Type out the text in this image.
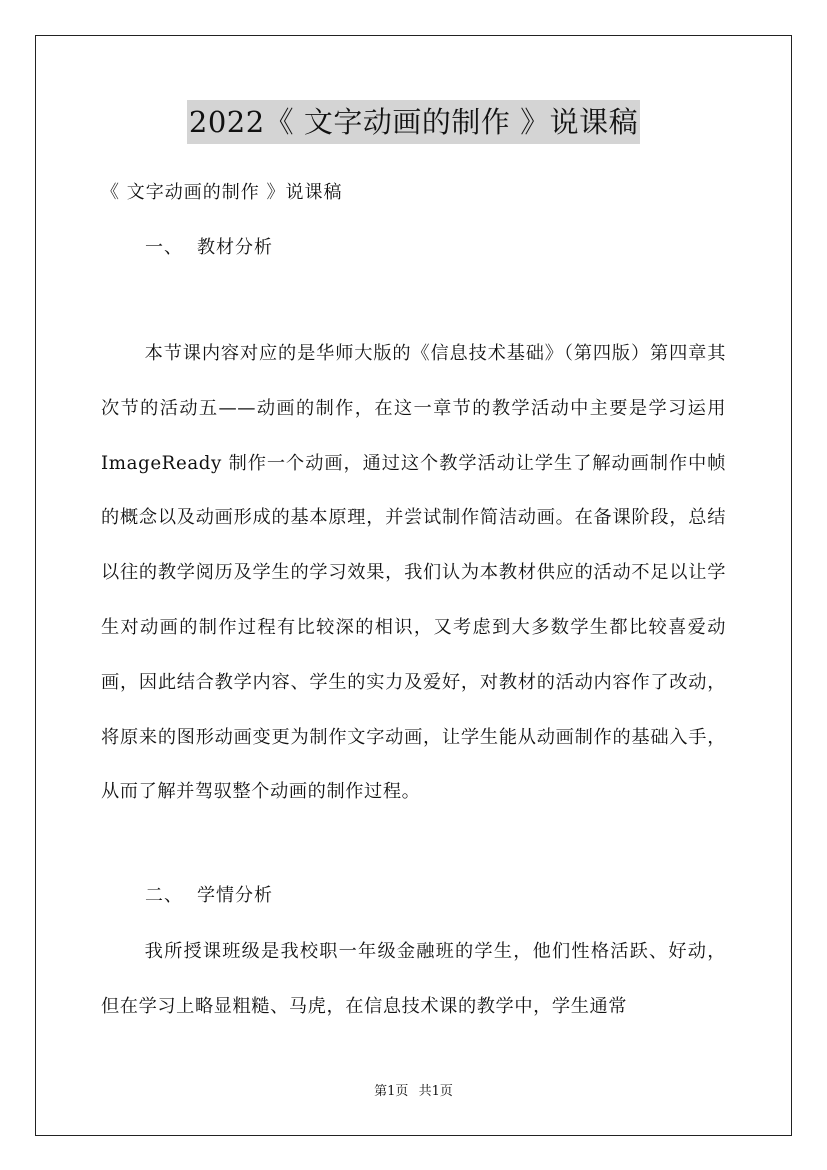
2022《 文字动画的制作 》说课稿
《 文字动画的制作 》说课稿
一、 教材分析

本节课内容对应的是华师大版的《信息技术基础》（第四版）第四章其次节的活动五——动画的制作，在这一章节的教学活动中主要是学习运用 ImageReady 制作一个动画，通过这个教学活动让学生了解动画制作中帧的概念以及动画形成的基本原理，并尝试制作简洁动画。在备课阶段，总结以往的教学阅历及学生的学习效果，我们认为本教材供应的活动不足以让学生对动画的制作过程有比较深的相识，又考虑到大多数学生都比较喜爱动画，因此结合教学内容、学生的实力及爱好，对教材的活动内容作了改动，将原来的图形动画变更为制作文字动画，让学生能从动画制作的基础入手，从而了解并驾驭整个动画的制作过程。

二、 学情分析

我所授课班级是我校职一年级金融班的学生，他们性格活跃、好动，但在学习上略显粗糙、马虎，在信息技术课的教学中，学生通常

第1页 共1页
